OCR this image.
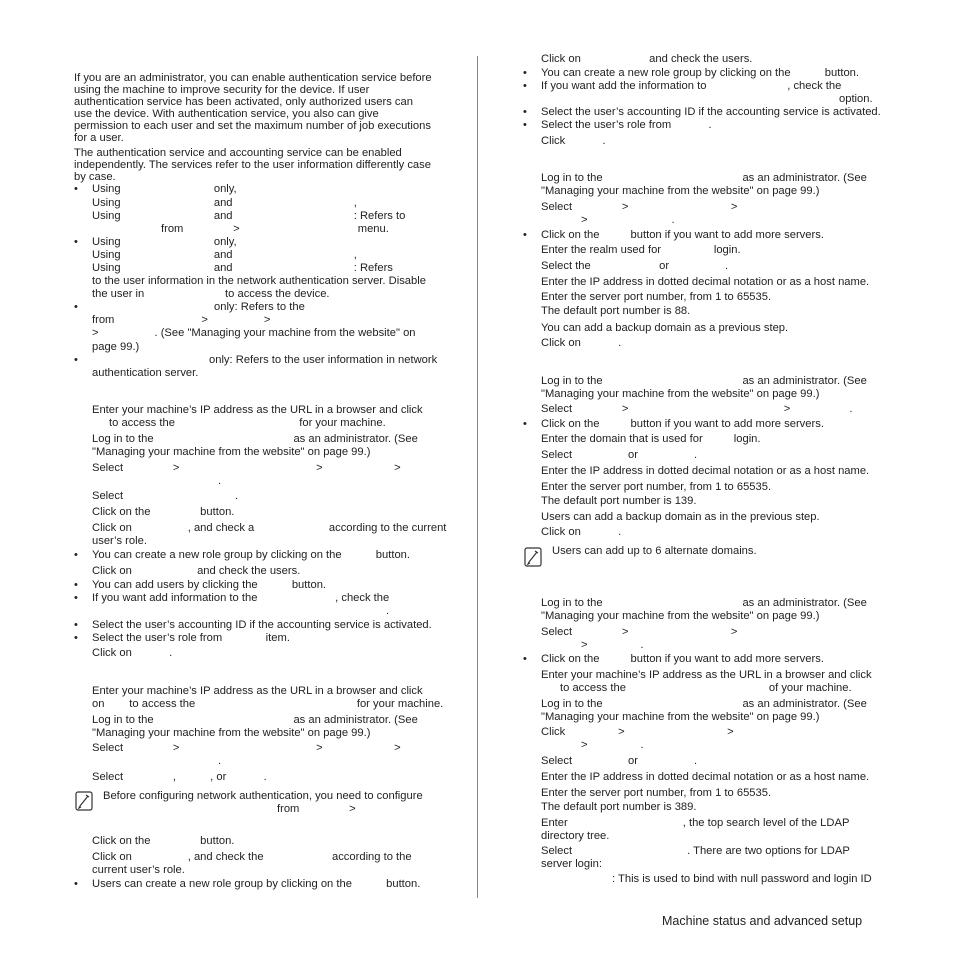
If you are an administrator, you can enable authentication service before
using the machine to improve security for the device. If user
authentication service has been activated, only authorized users can
use the device. With authentication service, you also can give
permission to each user and set the maximum number of job executions
for a user.
The authentication service and accounting service can be enabled
independently. The services refer to the user information differently case
by case.
• Using                              only,
Using                              and                                       ,
Using                              and                                       : Refers to
from                >                                      menu.
• Using                              only,
Using                              and                                       ,
Using                              and                                       : Refers
to the user information in the network authentication server. Disable
the user in                          to access the device.
•	only: Refers to the
from                            >                  >
>                  . (See "Managing your machine from the website" on
page 99.)
•	only: Refers to the user information in network
authentication server.
Enter your machine’s IP address as the URL in a browser and click
to access the                                        for your machine.
Log in to the                                             as an administrator. (See
"Managing your machine from the website" on page 99.)
Select                >                                            >                       >
.
Select                                    .
Click on the                button.
Click on                  , and check a                        according to the current
user’s role.
• You can create a new role group by clicking on the           button.
Click on                     and check the users.
• You can add users by clicking the           button.
• If you want add information to the                         , check the
.
• Select the user’s accounting ID if the accounting service is activated.
• Select the user’s role from              item.
Click on            .
Enter your machine’s IP address as the URL in a browser and click
on        to access the                                                    for your machine.
Log in to the                                             as an administrator. (See
"Managing your machine from the website" on page 99.)
Select                >                                            >                       >
.
Select                ,           , or            .
Before configuring network authentication, you need to configure
from                >
Click on the                button.
Click on                  , and check the                      according to the
current user’s role.
• Users can create a new role group by clicking on the           button.
Click on                      and check the users.
• You can create a new role group by clicking on the           button.
• If you want add the information to                          , check the
option.
• Select the user’s accounting ID if the accounting service is activated.
• Select the user’s role from            .
Click            .
Log in to the                                             as an administrator. (See
"Managing your machine from the website" on page 99.)
Select                >                                 >
>                           .
• Click on the          button if you want to add more servers.
Enter the realm used for                 login.
Select the                      or                  .
Enter the IP address in dotted decimal notation or as a host name.
Enter the server port number, from 1 to 65535.
The default port number is 88.
You can add a backup domain as a previous step.
Click on            .
Log in to the                                             as an administrator. (See
"Managing your machine from the website" on page 99.)
Select                >                                                  >                   .
• Click on the          button if you want to add more servers.
Enter the domain that is used for          login.
Select                  or                  .
Enter the IP address in dotted decimal notation or as a host name.
Enter the server port number, from 1 to 65535.
The default port number is 139.
Users can add a backup domain as in the previous step.
Click on            .
Users can add up to 6 alternate domains.
Log in to the                                             as an administrator. (See
"Managing your machine from the website" on page 99.)
Select                >                                 >
>                 .
• Click on the          button if you want to add more servers.
Enter your machine’s IP address as the URL in a browser and click
to access the                                              of your machine.
Log in to the                                             as an administrator. (See
"Managing your machine from the website" on page 99.)
Click                 >                                 >
>                 .
Select                  or                  .
Enter the IP address in dotted decimal notation or as a host name.
Enter the server port number, from 1 to 65535.
The default port number is 389.
Enter                                     , the top search level of the LDAP
directory tree.
Select                                     . There are two options for LDAP
server login:
: This is used to bind with null password and login ID
Machine status and advanced setup
